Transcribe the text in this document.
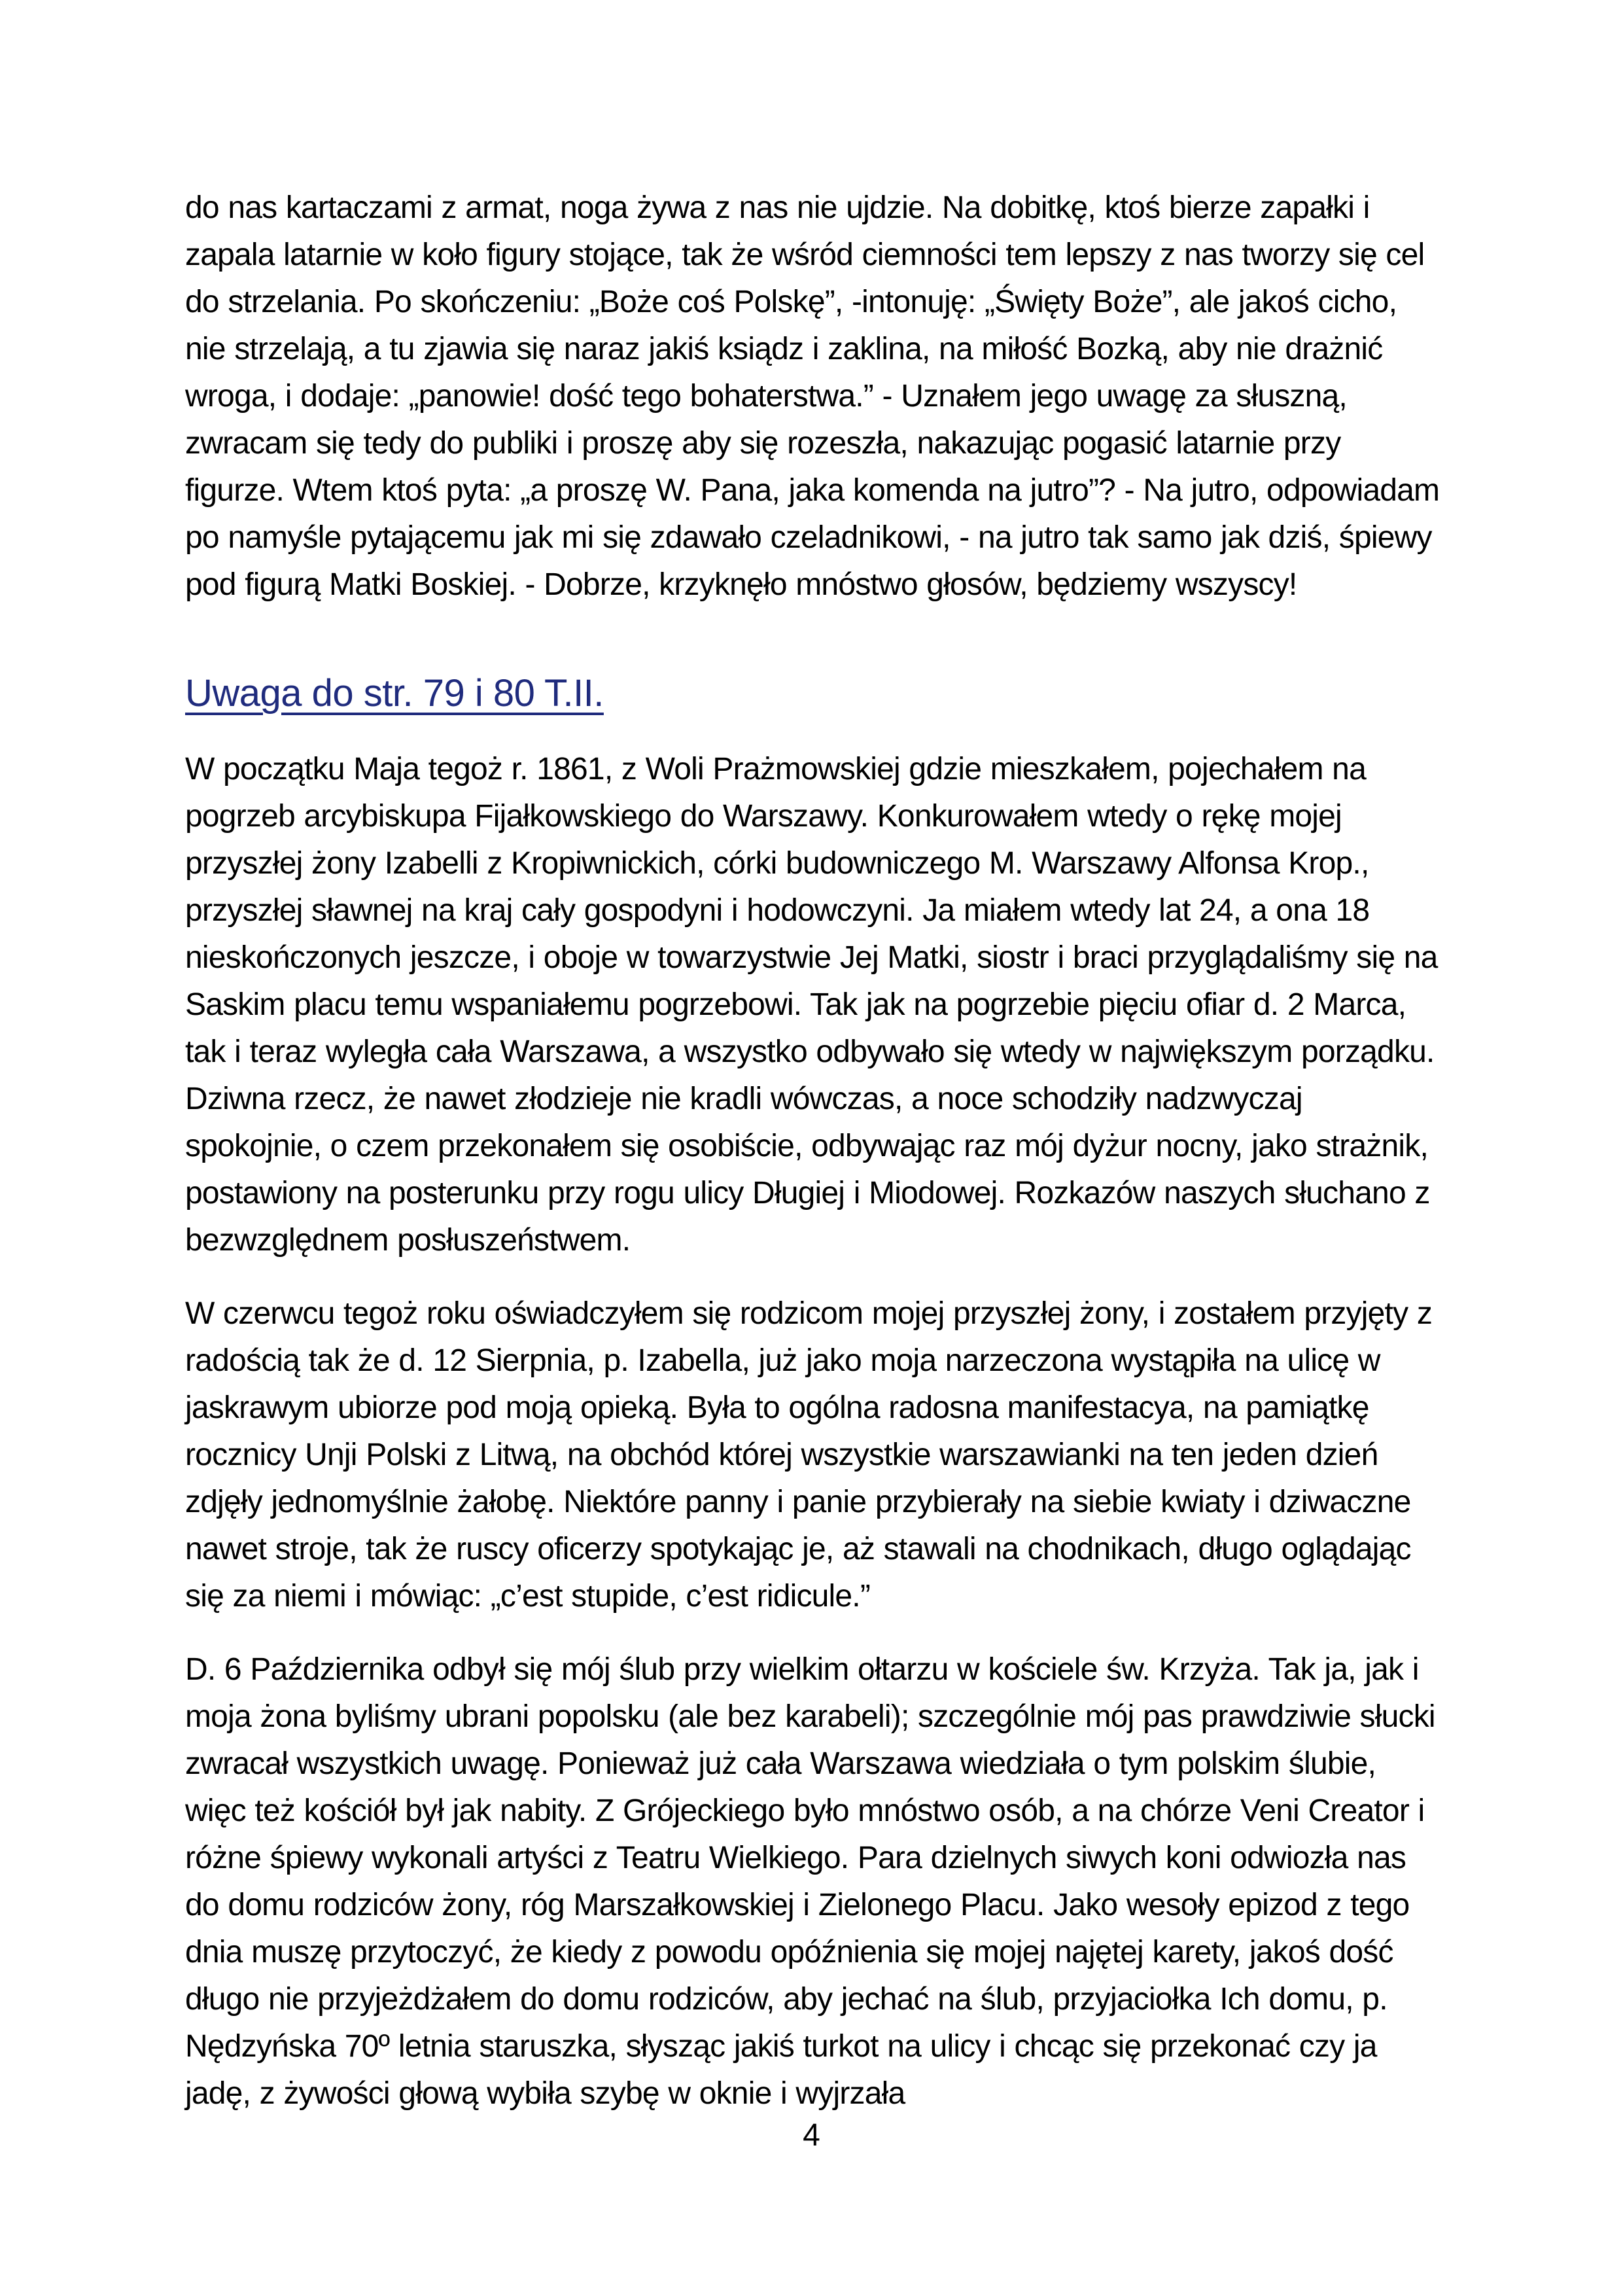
do nas kartaczami z armat, noga żywa z nas nie ujdzie. Na dobitkę, ktoś bierze zapałki i zapala latarnie w koło figury stojące, tak że wśród ciemności tem lepszy z nas tworzy się cel do strzelania. Po skończeniu: „Boże coś Polskę”, -intonuję: „Święty Boże”, ale jakoś cicho, nie strzelają, a tu zjawia się naraz jakiś ksiądz i zaklina, na miłość Bozką, aby nie drażnić wroga, i dodaje: „panowie! dość tego bohaterstwa.” - Uznałem jego uwagę za słuszną, zwracam się tedy do publiki i proszę aby się rozeszła, nakazując pogasić latarnie przy figurze. Wtem ktoś pyta: „a proszę W. Pana, jaka komenda na jutro”? - Na jutro, odpowiadam po namyśle pytającemu jak mi się zdawało czeladnikowi, - na jutro tak samo jak dziś, śpiewy pod figurą Matki Boskiej. - Dobrze, krzyknęło mnóstwo głosów, będziemy wszyscy!

Uwaga do str. 79 i 80 T.II.

W początku Maja tegoż r. 1861, z Woli Prażmowskiej gdzie mieszkałem, pojechałem na pogrzeb arcybiskupa Fijałkowskiego do Warszawy. Konkurowałem wtedy o rękę mojej przyszłej żony Izabelli z Kropiwnickich, córki budowniczego M. Warszawy Alfonsa Krop., przyszłej sławnej na kraj cały gospodyni i hodowczyni. Ja miałem wtedy lat 24, a ona 18 nieskończonych jeszcze, i oboje w towarzystwie Jej Matki, siostr i braci przyglądaliśmy się na Saskim placu temu wspaniałemu pogrzebowi. Tak jak na pogrzebie pięciu ofiar d. 2 Marca, tak i teraz wyległa cała Warszawa, a wszystko odbywało się wtedy w największym porządku. Dziwna rzecz, że nawet złodzieje nie kradli wówczas, a noce schodziły nadzwyczaj spokojnie, o czem przekonałem się osobiście, odbywając raz mój dyżur nocny, jako strażnik, postawiony na posterunku przy rogu ulicy Długiej i Miodowej. Rozkazów naszych słuchano z bezwzględnem posłuszeństwem.

W czerwcu tegoż roku oświadczyłem się rodzicom mojej przyszłej żony, i zostałem przyjęty z radością tak że d. 12 Sierpnia, p. Izabella, już jako moja narzeczona wystąpiła na ulicę w jaskrawym ubiorze pod moją opieką. Była to ogólna radosna manifestacya, na pamiątkę rocznicy Unji Polski z Litwą, na obchód której wszystkie warszawianki na ten jeden dzień zdjęły jednomyślnie żałobę. Niektóre panny i panie przybierały na siebie kwiaty i dziwaczne nawet stroje, tak że ruscy oficerzy spotykając je, aż stawali na chodnikach, długo oglądając się za niemi i mówiąc: „c’est stupide, c’est ridicule.”

D. 6 Października odbył się mój ślub przy wielkim ołtarzu w kościele św. Krzyża. Tak ja, jak i moja żona byliśmy ubrani popolsku (ale bez karabeli); szczególnie mój pas prawdziwie słucki zwracał wszystkich uwagę. Ponieważ już cała Warszawa wiedziała o tym polskim ślubie, więc też kościół był jak nabity. Z Grójeckiego było mnóstwo osób, a na chórze Veni Creator i różne śpiewy wykonali artyści z Teatru Wielkiego. Para dzielnych siwych koni odwiozła nas do domu rodziców żony, róg Marszałkowskiej i Zielonego Placu. Jako wesoły epizod z tego dnia muszę przytoczyć, że kiedy z powodu opóźnienia się mojej najętej karety, jakoś dość długo nie przyjeżdżałem do domu rodziców, aby jechać na ślub, przyjaciołka Ich domu, p. Nędzyńska 70º letnia staruszka, słysząc jakiś turkot na ulicy i chcąc się przekonać czy ja jadę, z żywości głową wybiła szybę w oknie i wyjrzała

4
